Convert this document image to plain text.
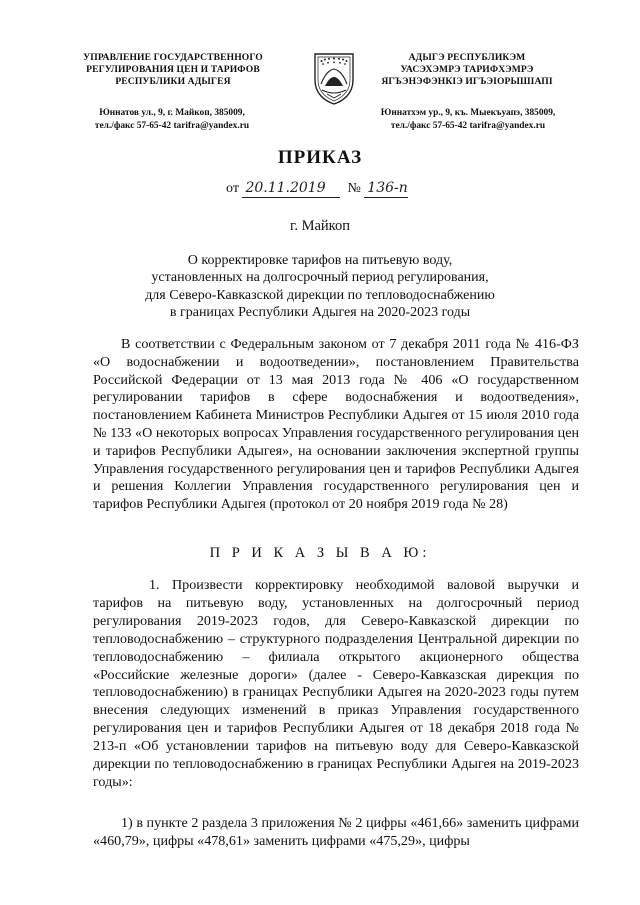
УПРАВЛЕНИЕ ГОСУДАРСТВЕННОГО
РЕГУЛИРОВАНИЯ ЦЕН И ТАРИФОВ
РЕСПУБЛИКИ АДЫГЕЯ
Юннатов ул., 9, г. Майкоп, 385009,
тел./факс 57-65-42 tarifra@yandex.ru
АДЫГЭ РЕСПУБЛИКЭМ
УАСЭХЭМРЭ ТАРИФХЭМРЭ
ЯГЪЭНЭФЭНКIЭ ИГЪЭIОРЫШIАПI
Юннатхэм ур., 9, къ. Мыекъуапэ, 385009,
тел./факс 57-65-42 tarifra@yandex.ru
ПРИКАЗ
от 20.11.2019 № 136-п
г. Майкоп
О корректировке тарифов на питьевую воду,
установленных на долгосрочный период регулирования,
для Северо-Кавказской дирекции по тепловодоснабжению
в границах Республики Адыгея на 2020-2023 годы
В соответствии с Федеральным законом от 7 декабря 2011 года № 416-ФЗ «О водоснабжении и водоотведении», постановлением Правительства Российской Федерации от 13 мая 2013 года № 406 «О государственном регулировании тарифов в сфере водоснабжения и водоотведения», постановлением Кабинета Министров Республики Адыгея от 15 июля 2010 года № 133 «О некоторых вопросах Управления государственного регулирования цен и тарифов Республики Адыгея», на основании заключения экспертной группы Управления государственного регулирования цен и тарифов Республики Адыгея и решения Коллегии Управления государственного регулирования цен и тарифов Республики Адыгея (протокол от 20 ноября 2019 года № 28)
П Р И К А З Ы В А Ю:
1. Произвести корректировку необходимой валовой выручки и тарифов на питьевую воду, установленных на долгосрочный период регулирования 2019-2023 годов, для Северо-Кавказской дирекции по тепловодоснабжению – структурного подразделения Центральной дирекции по тепловодоснабжению – филиала открытого акционерного общества «Российские железные дороги» (далее - Северо-Кавказская дирекция по тепловодоснабжению) в границах Республики Адыгея на 2020-2023 годы путем внесения следующих изменений в приказ Управления государственного регулирования цен и тарифов Республики Адыгея от 18 декабря 2018 года № 213-п «Об установлении тарифов на питьевую воду для Северо-Кавказской дирекции по тепловодоснабжению в границах Республики Адыгея на 2019-2023 годы»:
1) в пункте 2 раздела 3 приложения № 2 цифры «461,66» заменить цифрами «460,79», цифры «478,61» заменить цифрами «475,29», цифры
